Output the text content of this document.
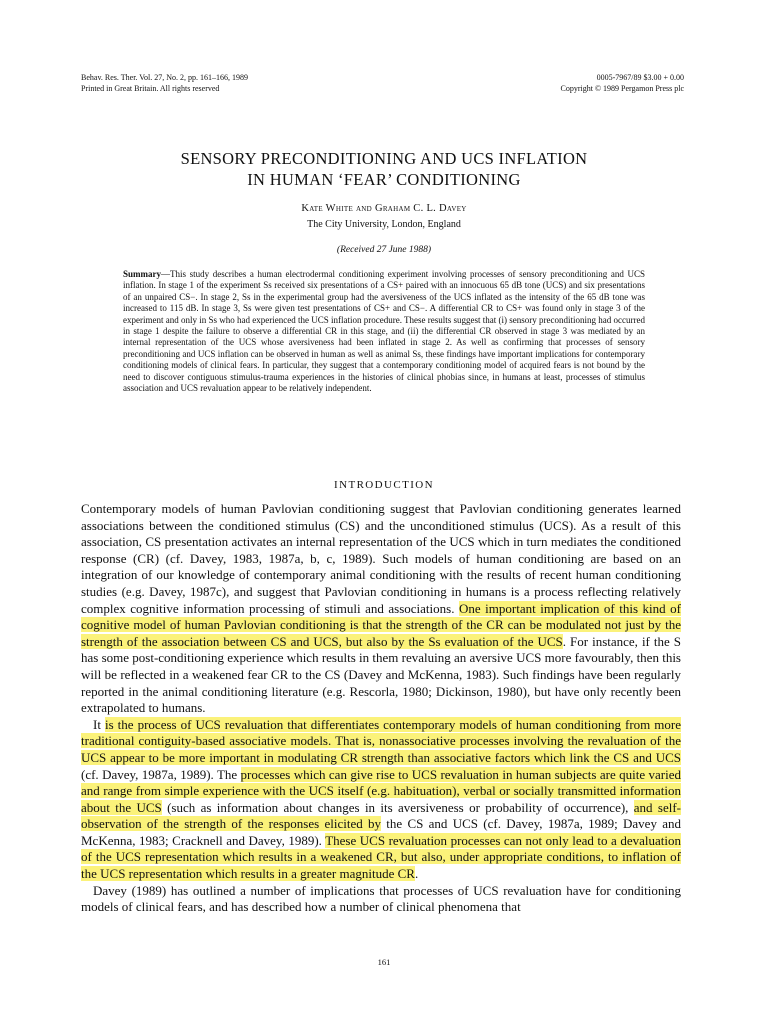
Behav. Res. Ther. Vol. 27, No. 2, pp. 161–166, 1989
Printed in Great Britain. All rights reserved
0005-7967/89 $3.00 + 0.00
Copyright © 1989 Pergamon Press plc
SENSORY PRECONDITIONING AND UCS INFLATION
IN HUMAN ‘FEAR’ CONDITIONING
Kate White and Graham C. L. Davey
The City University, London, England
(Received 27 June 1988)
Summary—This study describes a human electrodermal conditioning experiment involving processes of sensory preconditioning and UCS inflation. In stage 1 of the experiment Ss received six presentations of a CS+ paired with an innocuous 65 dB tone (UCS) and six presentations of an unpaired CS−. In stage 2, Ss in the experimental group had the aversiveness of the UCS inflated as the intensity of the 65 dB tone was increased to 115 dB. In stage 3, Ss were given test presentations of CS+ and CS−. A differential CR to CS+ was found only in stage 3 of the experiment and only in Ss who had experienced the UCS inflation procedure. These results suggest that (i) sensory preconditioning had occurred in stage 1 despite the failure to observe a differential CR in this stage, and (ii) the differential CR observed in stage 3 was mediated by an internal representation of the UCS whose aversiveness had been inflated in stage 2. As well as confirming that processes of sensory preconditioning and UCS inflation can be observed in human as well as animal Ss, these findings have important implications for contemporary conditioning models of clinical fears. In particular, they suggest that a contemporary conditioning model of acquired fears is not bound by the need to discover contiguous stimulus-trauma experiences in the histories of clinical phobias since, in humans at least, processes of stimulus association and UCS revaluation appear to be relatively independent.
INTRODUCTION

Contemporary models of human Pavlovian conditioning suggest that Pavlovian conditioning generates learned associations between the conditioned stimulus (CS) and the unconditioned stimulus (UCS). As a result of this association, CS presentation activates an internal representation of the UCS which in turn mediates the conditioned response (CR) (cf. Davey, 1983, 1987a, b, c, 1989). Such models of human conditioning are based on an integration of our knowledge of contemporary animal conditioning with the results of recent human conditioning studies (e.g. Davey, 1987c), and suggest that Pavlovian conditioning in humans is a process reflecting relatively complex cognitive information processing of stimuli and associations. One important implication of this kind of cognitive model of human Pavlovian conditioning is that the strength of the CR can be modulated not just by the strength of the association between CS and UCS, but also by the Ss evaluation of the UCS. For instance, if the S has some post-conditioning experience which results in them revaluing an aversive UCS more favourably, then this will be reflected in a weakened fear CR to the CS (Davey and McKenna, 1983). Such findings have been regularly reported in the animal conditioning literature (e.g. Rescorla, 1980; Dickinson, 1980), but have only recently been extrapolated to humans.

It is the process of UCS revaluation that differentiates contemporary models of human conditioning from more traditional contiguity-based associative models. That is, nonassociative processes involving the revaluation of the UCS appear to be more important in modulating CR strength than associative factors which link the CS and UCS (cf. Davey, 1987a, 1989). The processes which can give rise to UCS revaluation in human subjects are quite varied and range from simple experience with the UCS itself (e.g. habituation), verbal or socially transmitted information about the UCS (such as information about changes in its aversiveness or probability of occurrence), and self-observation of the strength of the responses elicited by the CS and UCS (cf. Davey, 1987a, 1989; Davey and McKenna, 1983; Cracknell and Davey, 1989). These UCS revaluation processes can not only lead to a devaluation of the UCS representation which results in a weakened CR, but also, under appropriate conditions, to inflation of the UCS representation which results in a greater magnitude CR.

Davey (1989) has outlined a number of implications that processes of UCS revaluation have for conditioning models of clinical fears, and has described how a number of clinical phenomena that

161
